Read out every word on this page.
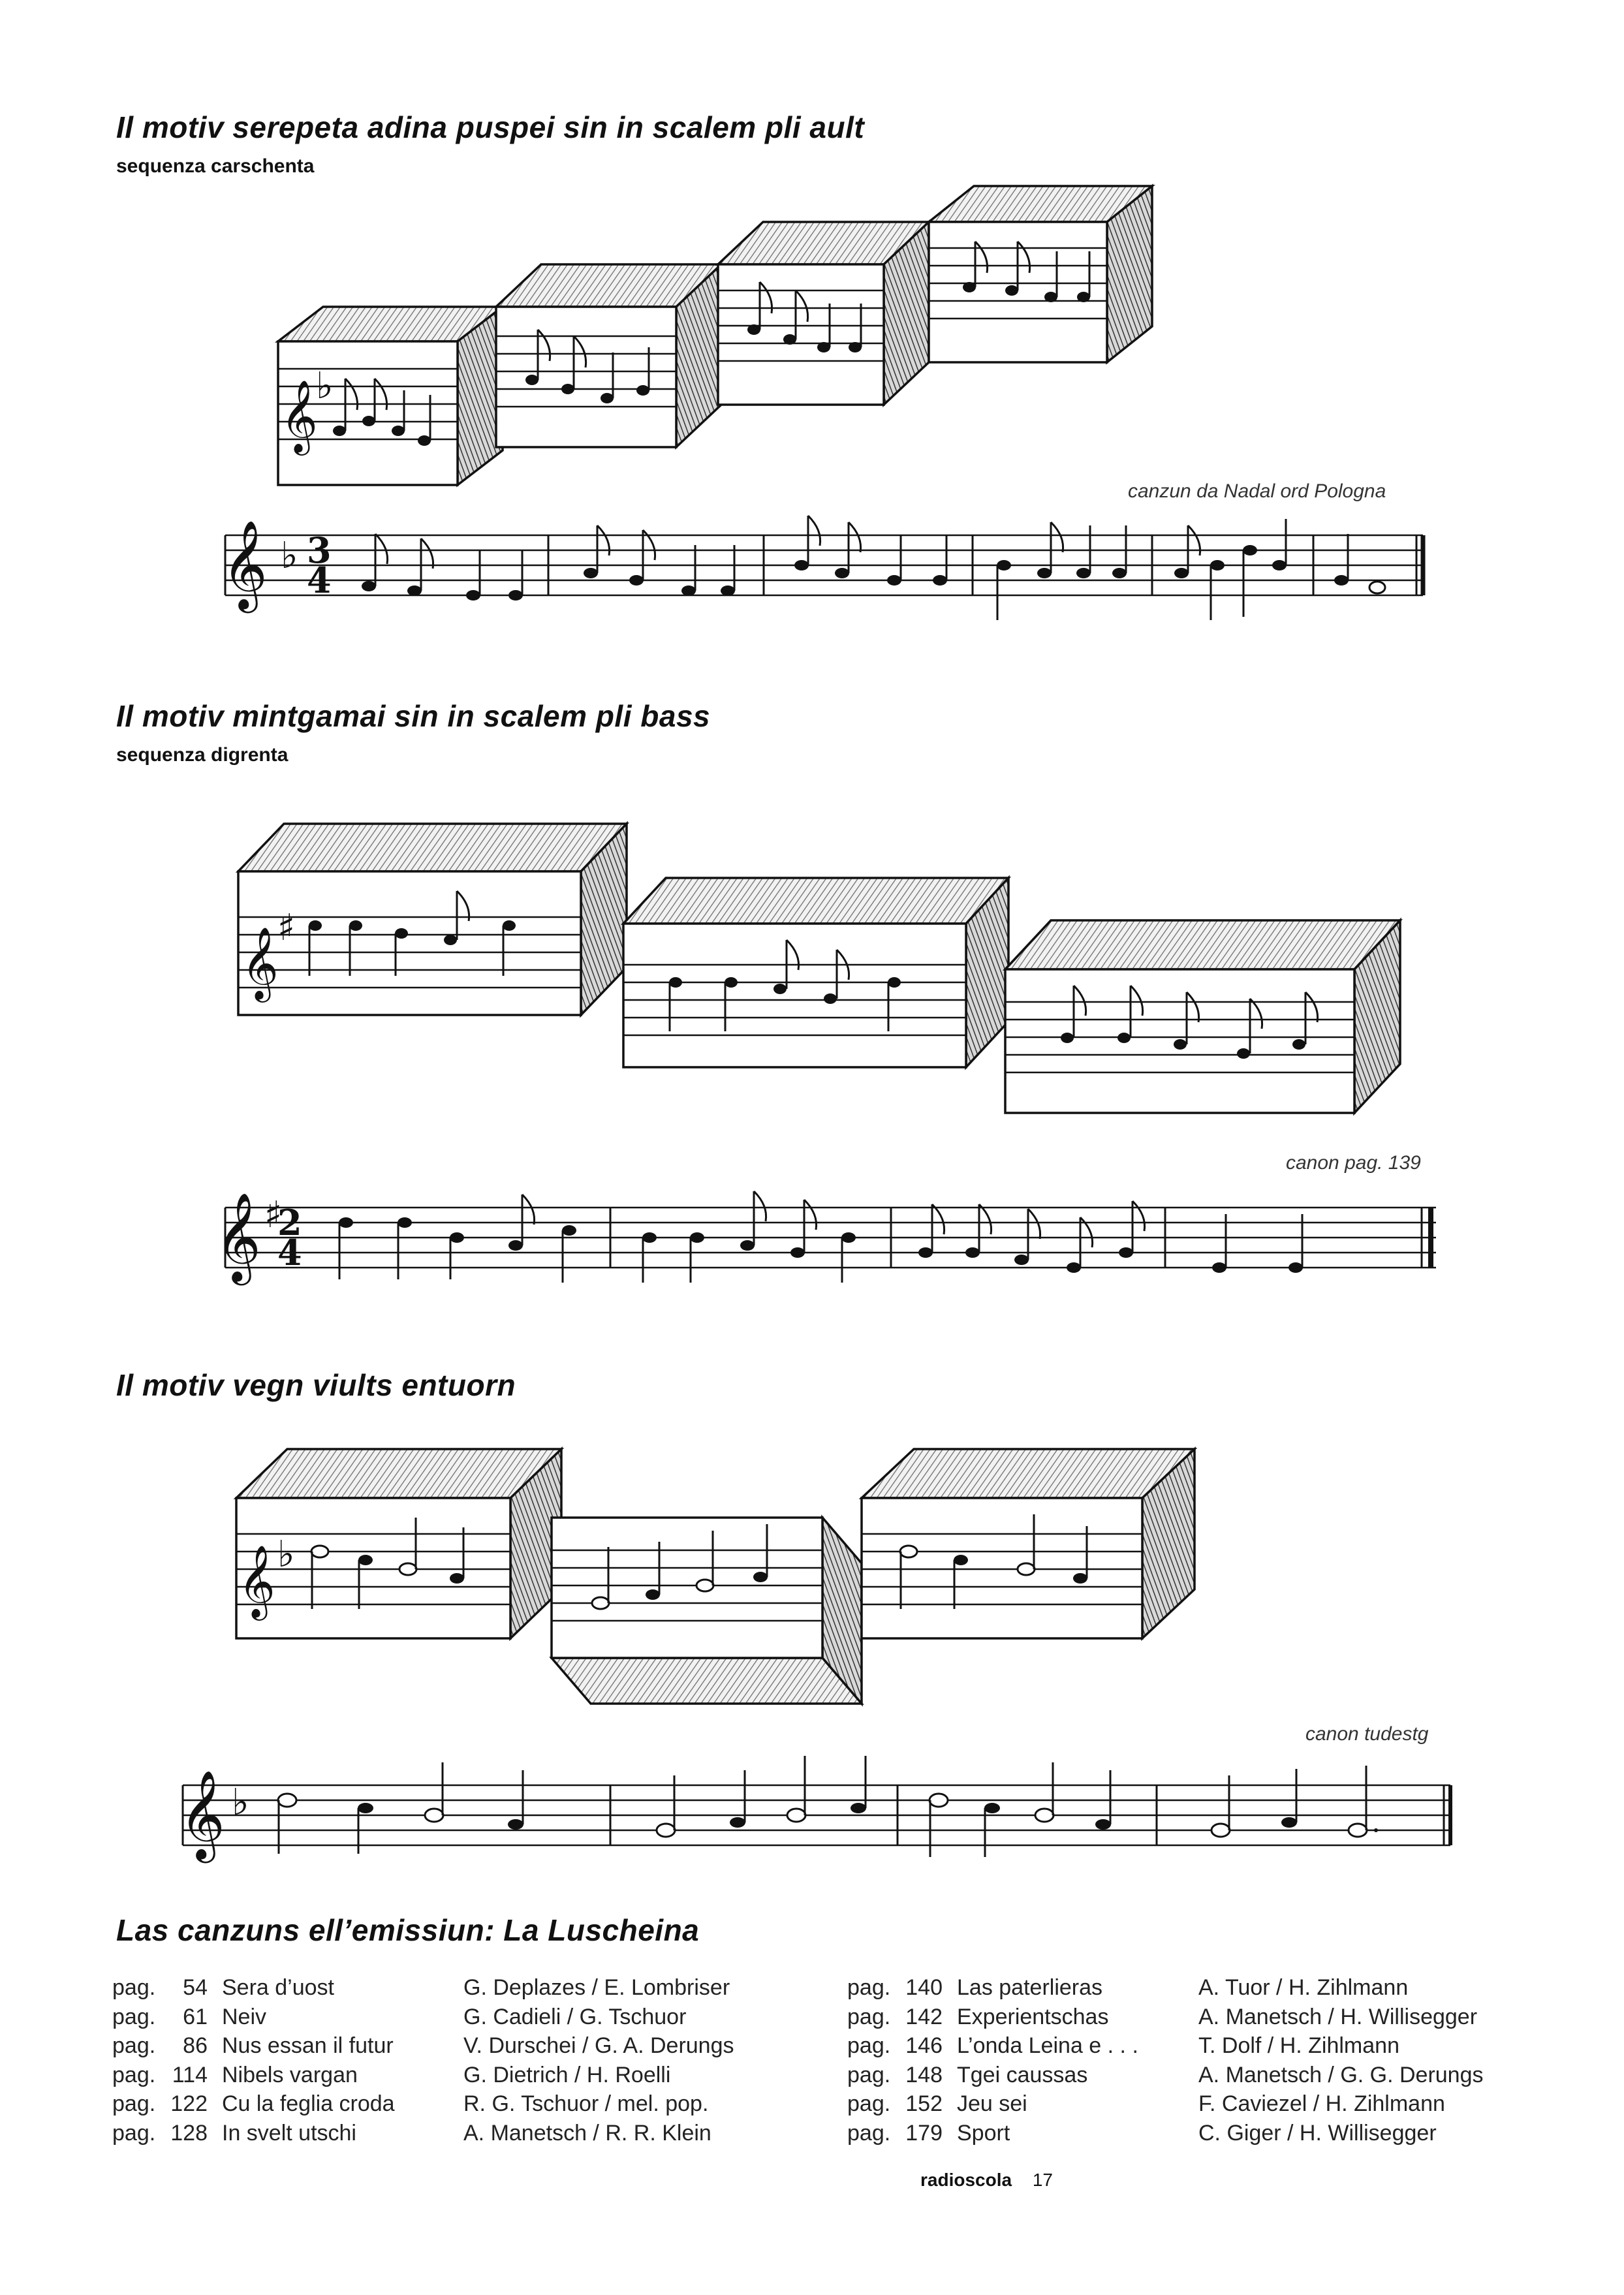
Il motiv serepeta adina puspei sin in scalem pli ault
sequenza carschenta
𝄞
♭
𝄞 ♭ 3
4
𝄞
♯
𝄞 ♯
2
4
𝄞 ♭
𝄞 ♭
canzun da Nadal ord Pologna
Il motiv mintgamai sin in scalem pli bass
sequenza digrenta
canon pag. 139
Il motiv vegn viults entuorn
canon tudestg
Las canzuns ell’emissiun: La Luscheina
pag.	54 Sera d’uost	G. Deplazes / E. Lombriser
pag.	61 Neiv	G. Cadieli / G. Tschuor
pag.	86 Nus essan il futur	V. Durschei / G. A. Derungs
pag. 114 Nibels vargan	G. Dietrich / H. Roelli
pag. 122 Cu la feglia croda	R. G. Tschuor / mel. pop.
pag. 128 In svelt utschi	A. Manetsch / R. R. Klein
pag. 140 Las paterlieras	A. Tuor / H. Zihlmann
pag. 142 Experientschas	A. Manetsch / H. Willisegger
pag. 146 L’onda Leina e . . .	T. Dolf / H. Zihlmann
pag. 148 Tgei caussas	A. Manetsch / G. G. Derungs
pag. 152 Jeu sei	F. Caviezel / H. Zihlmann
pag. 179 Sport	C. Giger / H. Willisegger
radioscola 17
